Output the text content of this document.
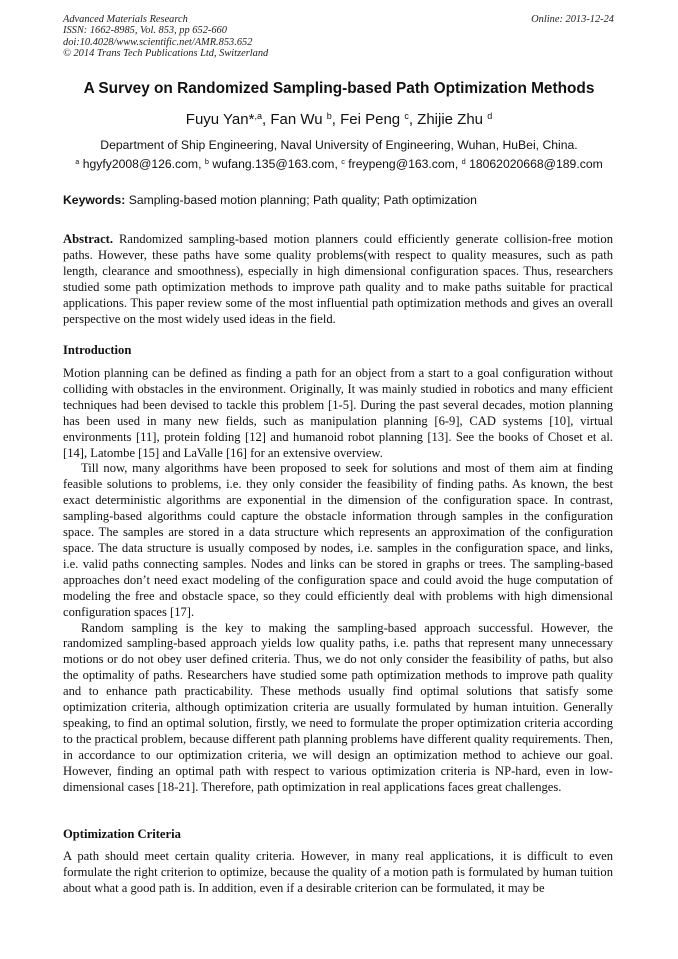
Advanced Materials Research
ISSN: 1662-8985, Vol. 853, pp 652-660
doi:10.4028/www.scientific.net/AMR.853.652
© 2014 Trans Tech Publications Ltd, Switzerland
Online: 2013-12-24
A Survey on Randomized Sampling-based Path Optimization Methods
Fuyu Yan*$^{,a}$, Fan Wu $^b$, Fei Peng $^c$, Zhijie Zhu $^d$
Department of Ship Engineering, Naval University of Engineering, Wuhan, HuBei, China.
$^a$ hgyfy2008@126.com, $^b$ wufang.135@163.com, $^c$ freypeng@163.com, $^d$ 18062020668@189.com
Keywords: Sampling-based motion planning; Path quality; Path optimization

Abstract. Randomized sampling-based motion planners could efficiently generate collision-free motion paths. However, these paths have some quality problems(with respect to quality measures, such as path length, clearance and smoothness), especially in high dimensional configuration spaces. Thus, researchers studied some path optimization methods to improve path quality and to make paths suitable for practical applications. This paper review some of the most influential path optimization methods and gives an overall perspective on the most widely used ideas in the field.

Introduction

Motion planning can be defined as finding a path for an object from a start to a goal configuration without colliding with obstacles in the environment. Originally, It was mainly studied in robotics and many efficient techniques had been devised to tackle this problem [1-5]. During the past several decades, motion planning has been used in many new fields, such as manipulation planning [6-9], CAD systems [10], virtual environments [11], protein folding [12] and humanoid robot planning [13]. See the books of Choset et al. [14], Latombe [15] and LaValle [16] for an extensive overview.

Till now, many algorithms have been proposed to seek for solutions and most of them aim at finding feasible solutions to problems, i.e. they only consider the feasibility of finding paths. As known, the best exact deterministic algorithms are exponential in the dimension of the configuration space. In contrast, sampling-based algorithms could capture the obstacle information through samples in the configuration space. The samples are stored in a data structure which represents an approximation of the configuration space. The data structure is usually composed by nodes, i.e. samples in the configuration space, and links, i.e. valid paths connecting samples. Nodes and links can be stored in graphs or trees. The sampling-based approaches don’t need exact modeling of the configuration space and could avoid the huge computation of modeling the free and obstacle space, so they could efficiently deal with problems with high dimensional configuration spaces [17].

Random sampling is the key to making the sampling-based approach successful. However, the randomized sampling-based approach yields low quality paths, i.e. paths that represent many unnecessary motions or do not obey user defined criteria. Thus, we do not only consider the feasibility of paths, but also the optimality of paths. Researchers have studied some path optimization methods to improve path quality and to enhance path practicability. These methods usually find optimal solutions that satisfy some optimization criteria, although optimization criteria are usually formulated by human intuition. Generally speaking, to find an optimal solution, firstly, we need to formulate the proper optimization criteria according to the practical problem, because different path planning problems have different quality requirements. Then, in accordance to our optimization criteria, we will design an optimization method to achieve our goal. However, finding an optimal path with respect to various optimization criteria is NP-hard, even in low-dimensional cases [18-21]. Therefore, path optimization in real applications faces great challenges.

Optimization Criteria

A path should meet certain quality criteria. However, in many real applications, it is difficult to even formulate the right criterion to optimize, because the quality of a motion path is formulated by human tuition about what a good path is. In addition, even if a desirable criterion can be formulated, it may be
